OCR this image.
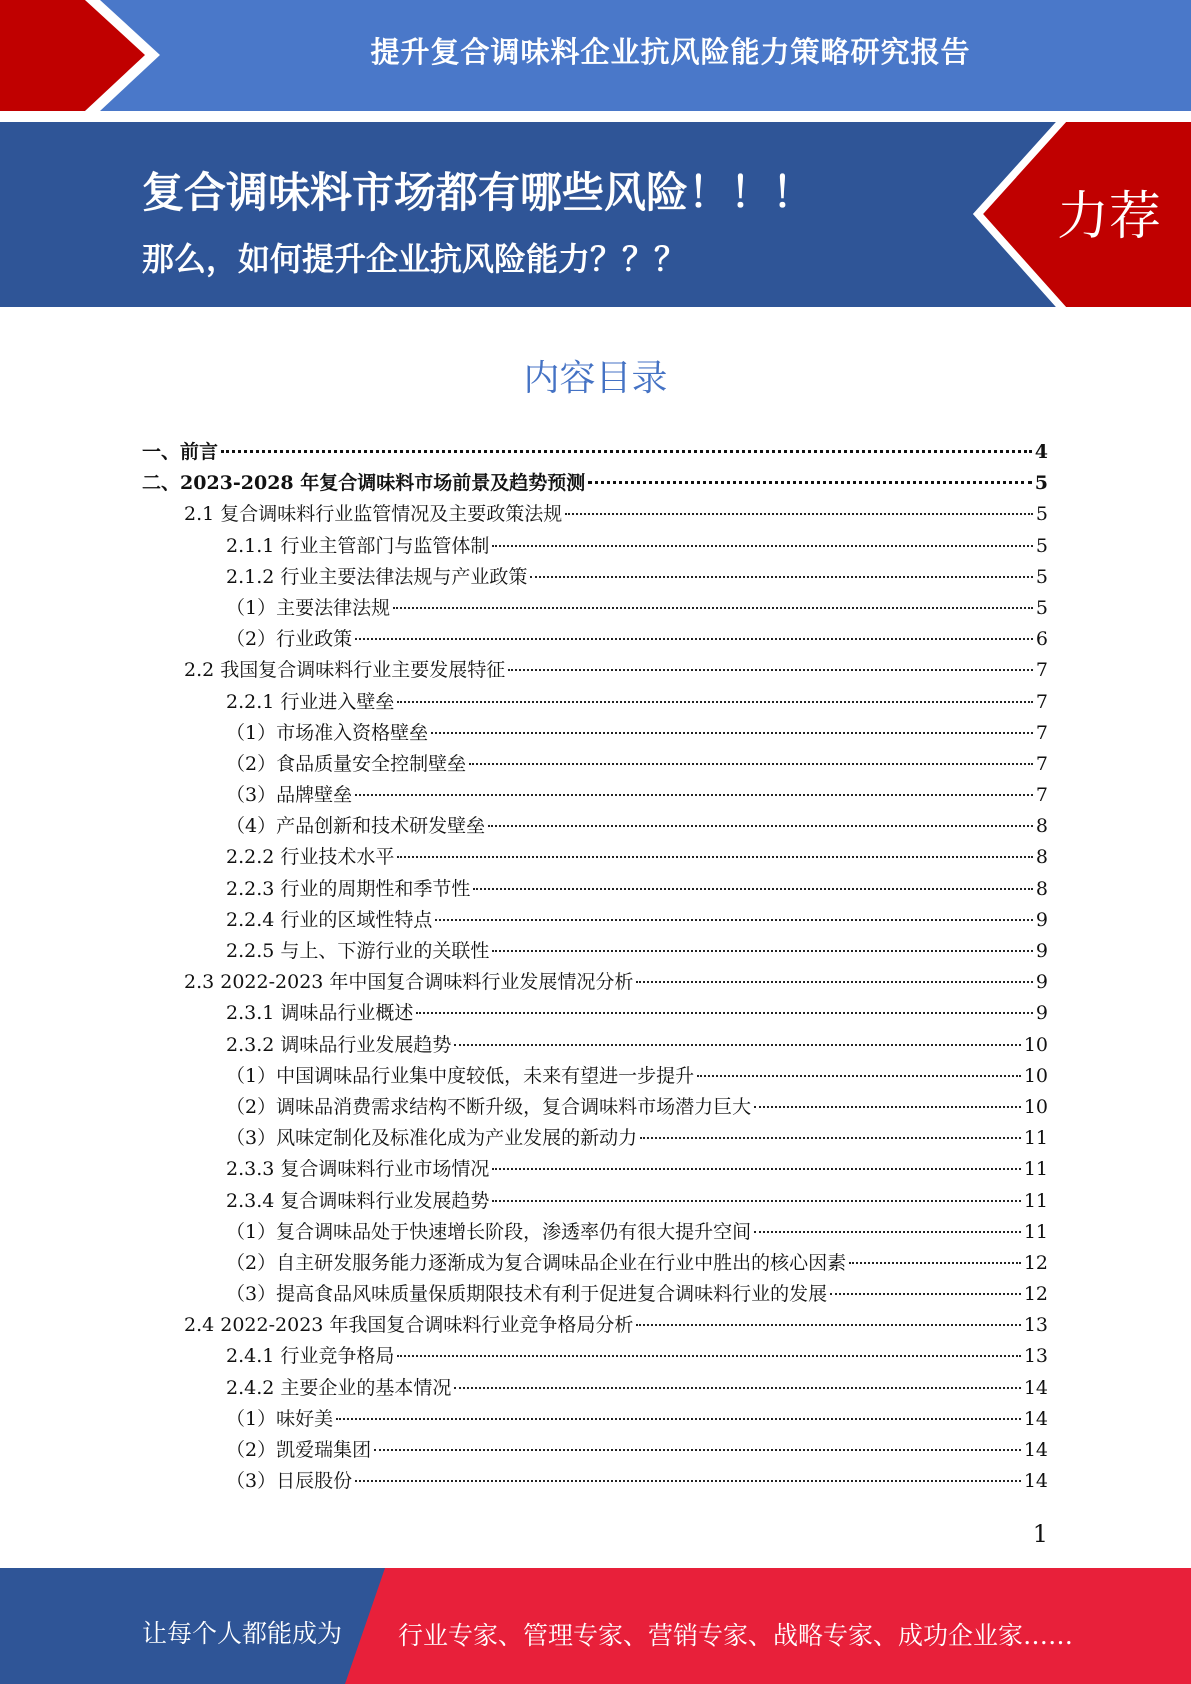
提升复合调味料企业抗风险能力策略研究报告
复合调味料市场都有哪些风险！！！
那么，如何提升企业抗风险能力？？？
力荐
内容目录
一、前言	4
二、2023-2028 年复合调味料市场前景及趋势预测	5
2.1 复合调味料行业监管情况及主要政策法规	5
2.1.1 行业主管部门与监管体制	5
2.1.2 行业主要法律法规与产业政策	5
（1）主要法律法规	5
（2）行业政策	6
2.2 我国复合调味料行业主要发展特征	7
2.2.1 行业进入壁垒	7
（1）市场准入资格壁垒	7
（2）食品质量安全控制壁垒	7
（3）品牌壁垒	7
（4）产品创新和技术研发壁垒	8
2.2.2 行业技术水平	8
2.2.3 行业的周期性和季节性	8
2.2.4 行业的区域性特点	9
2.2.5 与上、下游行业的关联性	9
2.3 2022-2023 年中国复合调味料行业发展情况分析	9
2.3.1 调味品行业概述	9
2.3.2 调味品行业发展趋势	10
（1）中国调味品行业集中度较低，未来有望进一步提升	10
（2）调味品消费需求结构不断升级，复合调味料市场潜力巨大	10
（3）风味定制化及标准化成为产业发展的新动力	11
2.3.3 复合调味料行业市场情况	11
2.3.4 复合调味料行业发展趋势	11
（1）复合调味品处于快速增长阶段，渗透率仍有很大提升空间	11
（2）自主研发服务能力逐渐成为复合调味品企业在行业中胜出的核心因素	12
（3）提高食品风味质量保质期限技术有利于促进复合调味料行业的发展	12
2.4 2022-2023 年我国复合调味料行业竞争格局分析	13
2.4.1 行业竞争格局	13
2.4.2 主要企业的基本情况	14
（1）味好美	14
（2）凯爱瑞集团	14
（3）日辰股份	14
1
让每个人都能成为 行业专家、管理专家、营销专家、战略专家、成功企业家……
